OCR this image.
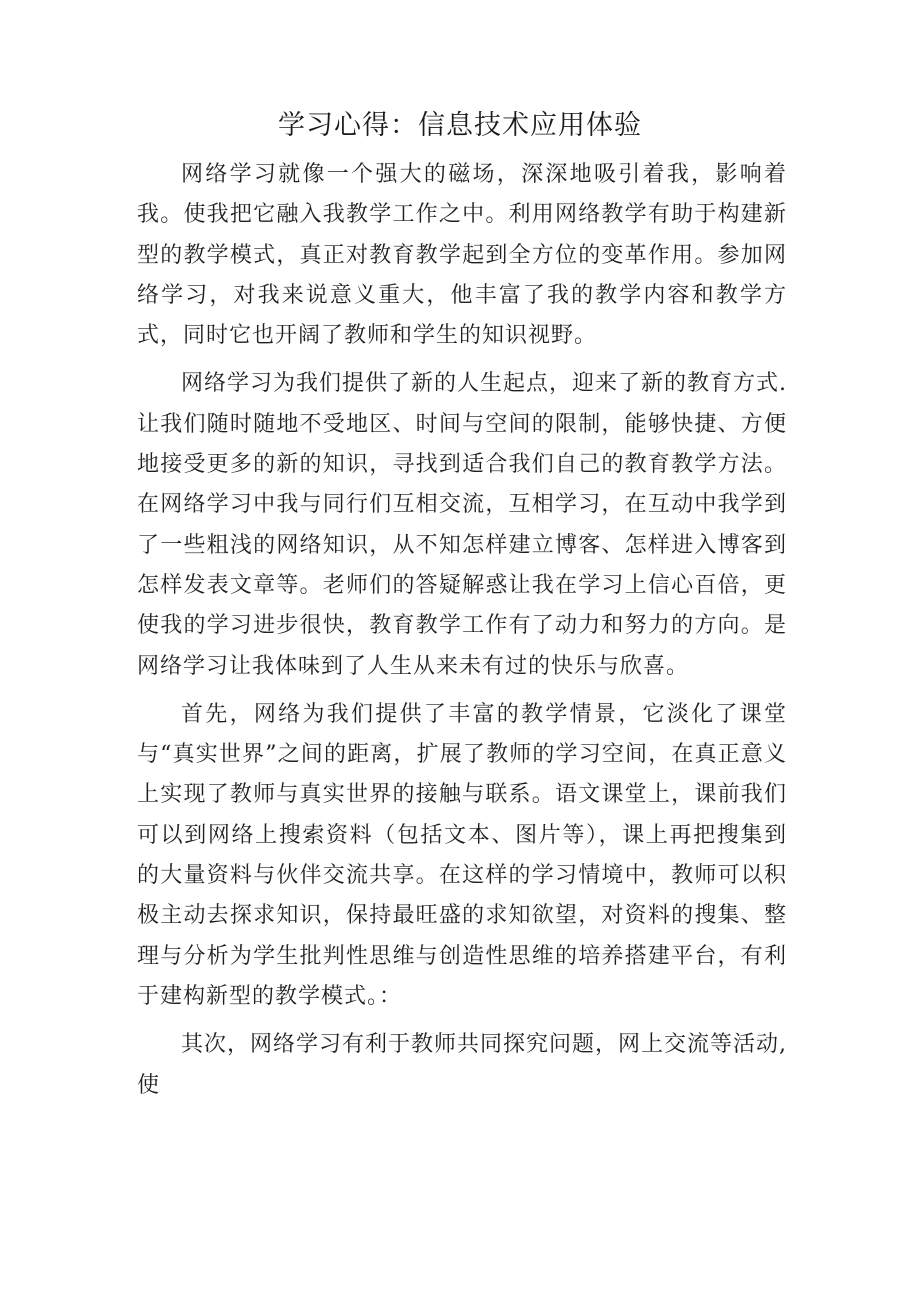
学习心得：信息技术应用体验

网络学习就像一个强大的磁场，深深地吸引着我，影响着我。使我把它融入我教学工作之中。利用网络教学有助于构建新型的教学模式，真正对教育教学起到全方位的变革作用。参加网络学习，对我来说意义重大，他丰富了我的教学内容和教学方式，同时它也开阔了教师和学生的知识视野。

网络学习为我们提供了新的人生起点，迎来了新的教育方式.让我们随时随地不受地区、时间与空间的限制，能够快捷、方便地接受更多的新的知识，寻找到适合我们自己的教育教学方法。在网络学习中我与同行们互相交流，互相学习，在互动中我学到了一些粗浅的网络知识，从不知怎样建立博客、怎样进入博客到怎样发表文章等。老师们的答疑解惑让我在学习上信心百倍，更使我的学习进步很快，教育教学工作有了动力和努力的方向。是网络学习让我体味到了人生从来未有过的快乐与欣喜。

首先，网络为我们提供了丰富的教学情景，它淡化了课堂与“真实世界”之间的距离，扩展了教师的学习空间，在真正意义上实现了教师与真实世界的接触与联系。语文课堂上，课前我们可以到网络上搜索资料（包括文本、图片等），课上再把搜集到的大量资料与伙伴交流共享。在这样的学习情境中，教师可以积极主动去探求知识，保持最旺盛的求知欲望，对资料的搜集、整理与分析为学生批判性思维与创造性思维的培养搭建平台，有利于建构新型的教学模式。：

其次，网络学习有利于教师共同探究问题，网上交流等活动,使
